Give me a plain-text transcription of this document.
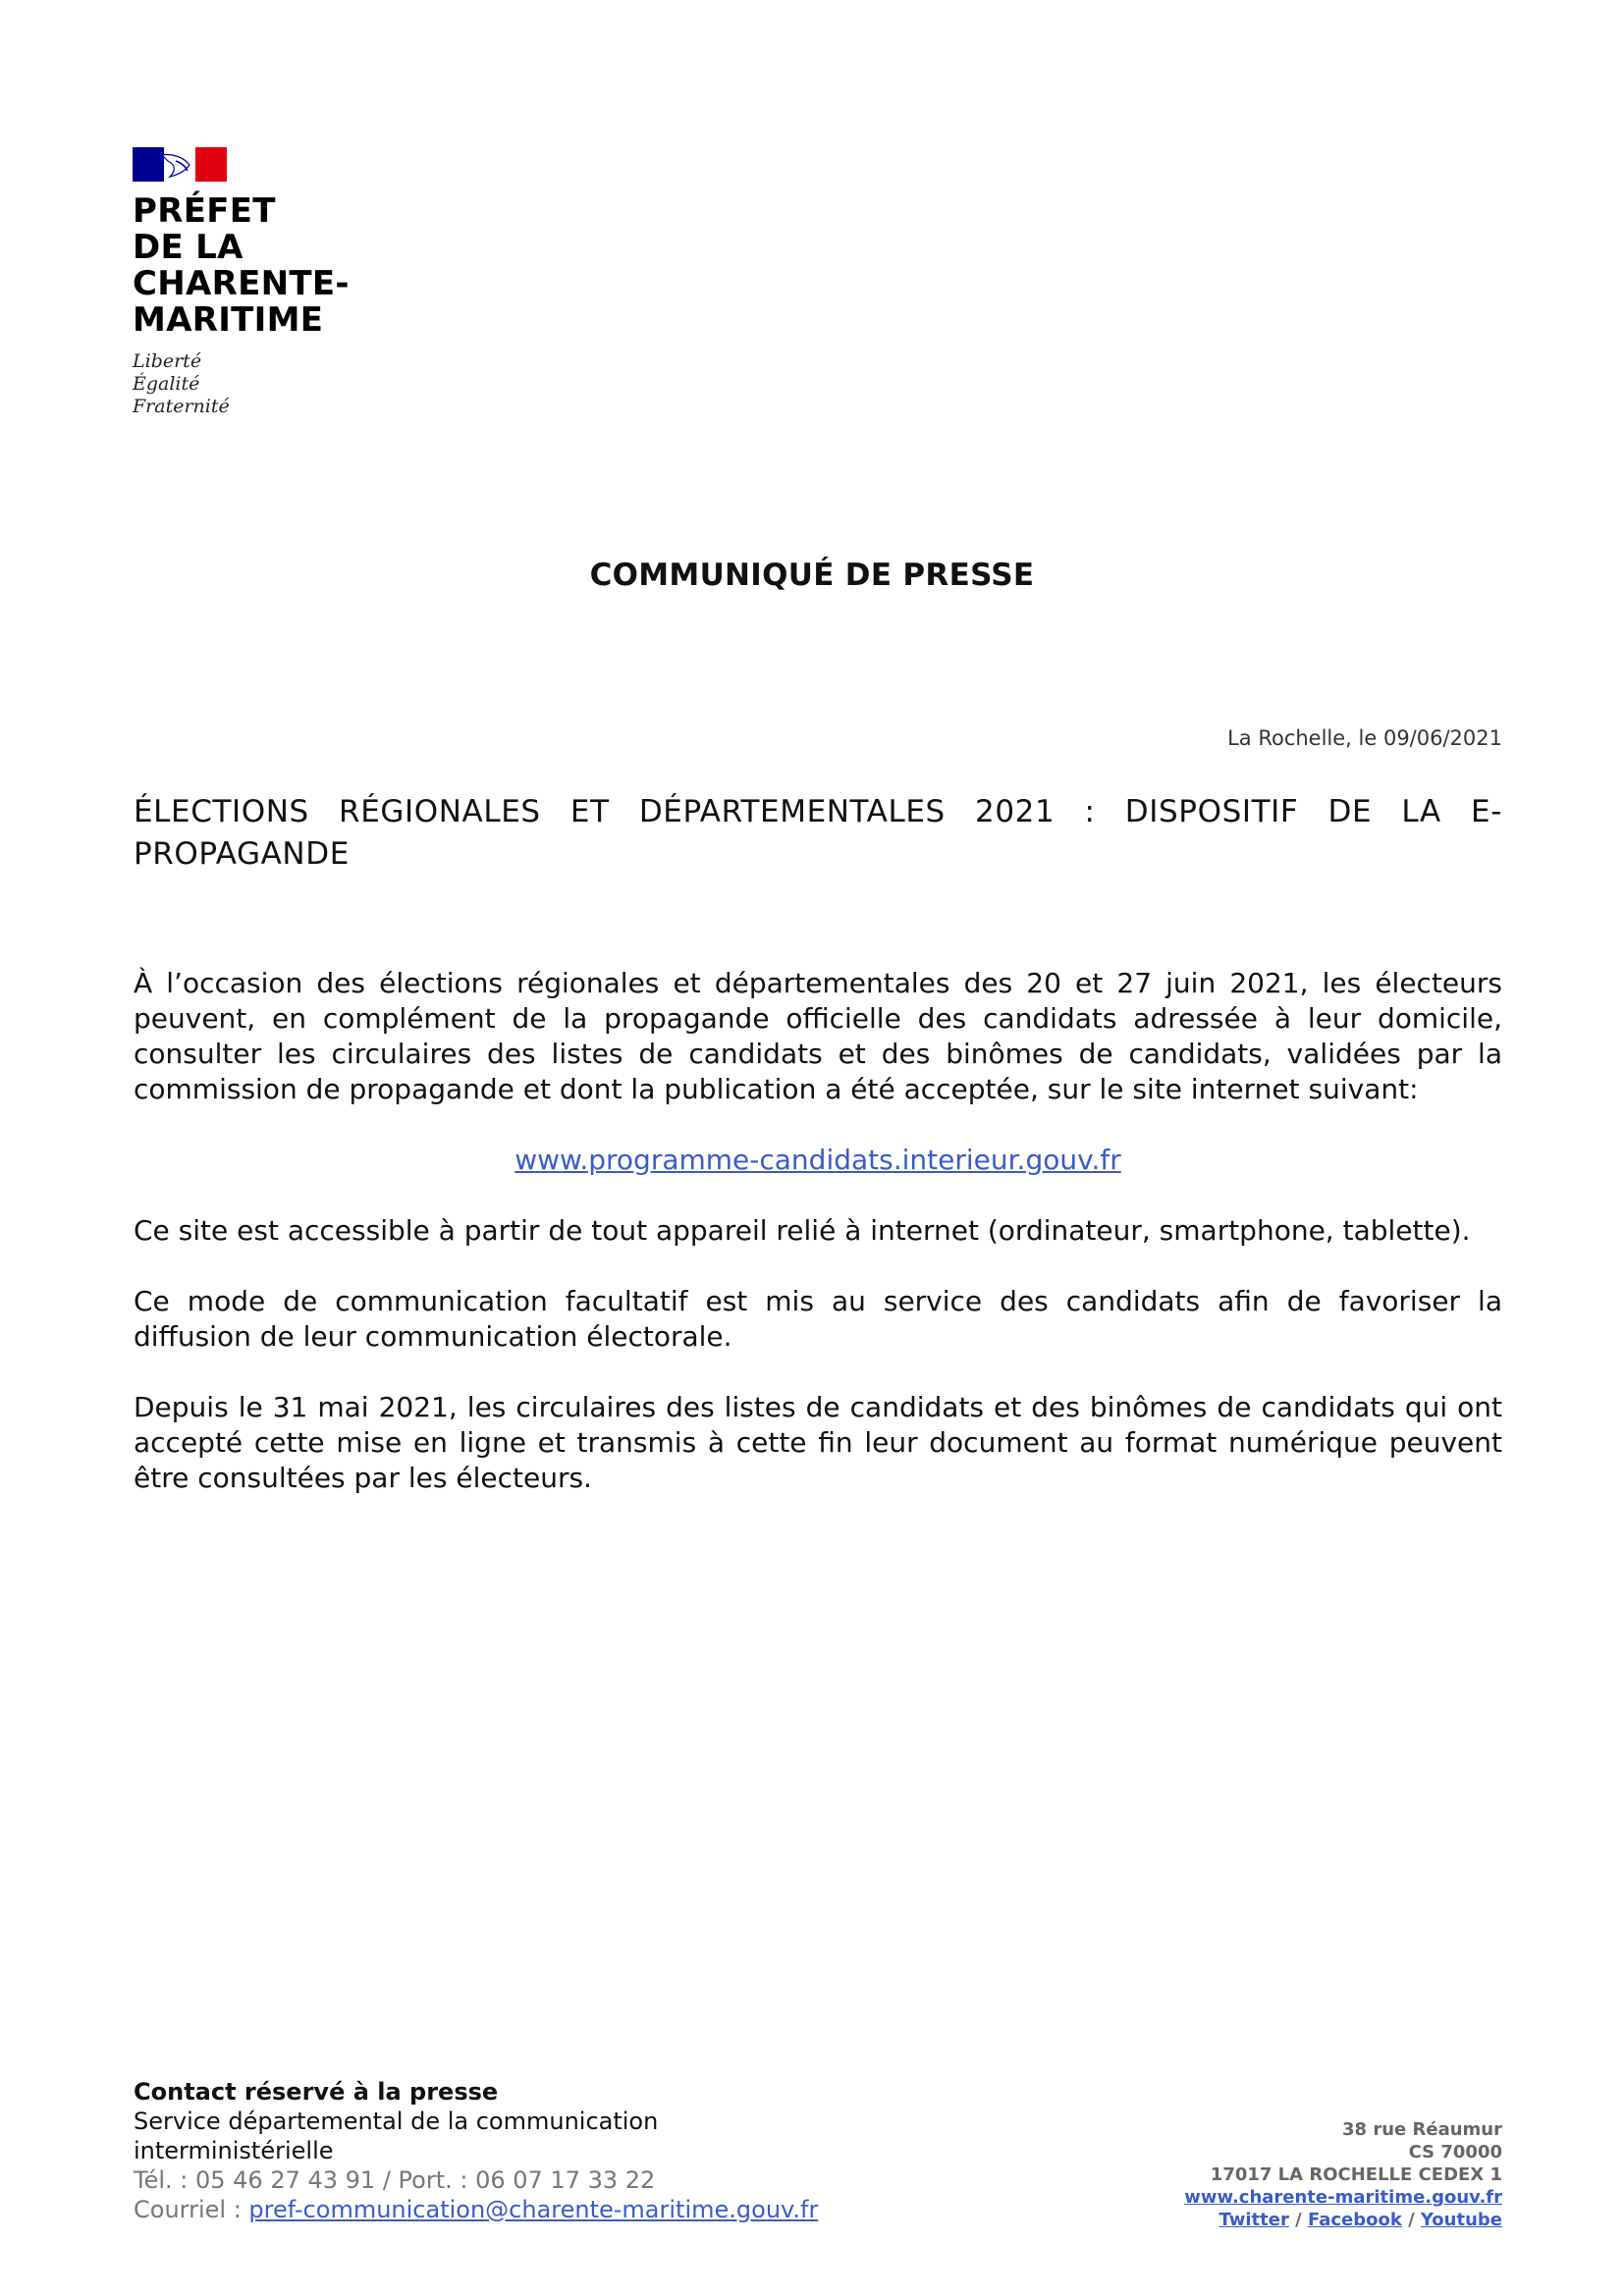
PRÉFET
DE LA
CHARENTE-
MARITIME
Liberté
Égalité
Fraternité
COMMUNIQUÉ DE PRESSE
La Rochelle, le 09/06/2021
ÉLECTIONS RÉGIONALES ET DÉPARTEMENTALES 2021 : DISPOSITIF DE LA E-PROPAGANDE

À l’occasion des élections régionales et départementales des 20 et 27 juin 2021, les électeurs peuvent, en complément de la propagande officielle des candidats adressée à leur domicile, consulter les circulaires des listes de candidats et des binômes de candidats, validées par la commission de propagande et dont la publication a été acceptée, sur le site internet suivant:

www.programme-candidats.interieur.gouv.fr

Ce site est accessible à partir de tout appareil relié à internet (ordinateur, smartphone, tablette).

Ce mode de communication facultatif est mis au service des candidats afin de favoriser la diffusion de leur communication électorale.

Depuis le 31 mai 2021, les circulaires des listes de candidats et des binômes de candidats qui ont accepté cette mise en ligne et transmis à cette fin leur document au format numérique peuvent être consultées par les électeurs.

Contact réservé à la presse
Service départemental de la communication interministérielle
Tél. : 05 46 27 43 91 / Port. : 06 07 17 33 22
Courriel : pref-communication@charente-maritime.gouv.fr
38 rue Réaumur
CS 70000
17017 LA ROCHELLE CEDEX 1
www.charente-maritime.gouv.fr
Twitter / Facebook / Youtube
